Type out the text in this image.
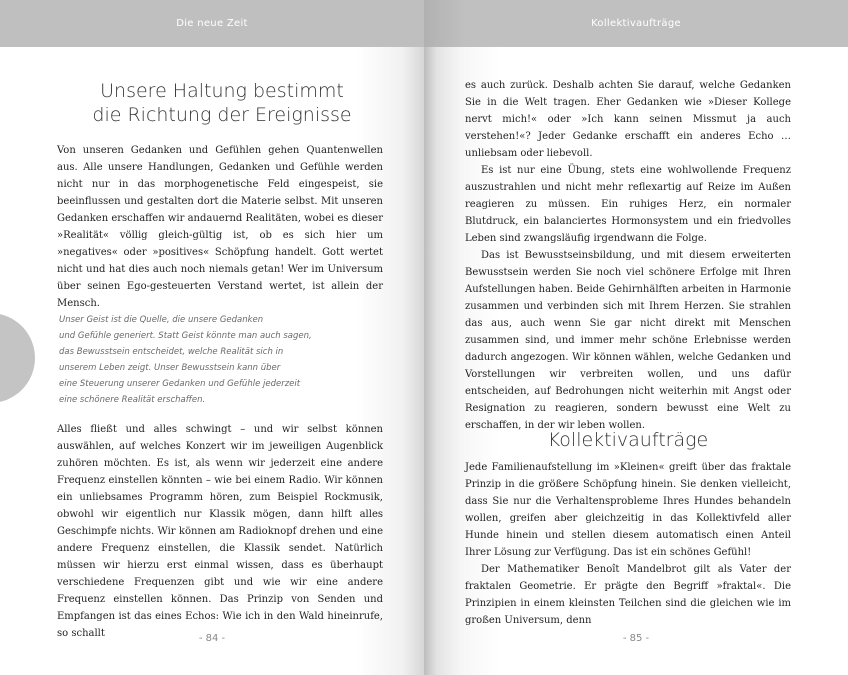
Die neue Zeit
Unsere Haltung bestimmt
die Richtung der Ereignisse

Von unseren Gedanken und Gefühlen gehen Quantenwellen aus. Alle unsere Handlungen, Gedanken und Gefühle werden nicht nur in das morphogenetische Feld eingespeist, sie beeinflussen und gestalten dort die Materie selbst. Mit unseren Gedanken erschaffen wir andauernd Realitäten, wobei es dieser »Realität« völlig gleich-gültig ist, ob es sich hier um »negatives« oder »positives« Schöpfung handelt. Gott wertet nicht und hat dies auch noch niemals getan! Wer im Universum über seinen Ego-gesteuerten Verstand wertet, ist allein der Mensch.

Unser Geist ist die Quelle, die unsere Gedanken
und Gefühle generiert. Statt Geist könnte man auch sagen,
das Bewusstsein entscheidet, welche Realität sich in
unserem Leben zeigt. Unser Bewusstsein kann über
eine Steuerung unserer Gedanken und Gefühle jederzeit
eine schönere Realität erschaffen.

Alles fließt und alles schwingt – und wir selbst können auswählen, auf welches Konzert wir im jeweiligen Augenblick zuhören möchten. Es ist, als wenn wir jederzeit eine andere Frequenz einstellen könnten – wie bei einem Radio. Wir können ein unliebsames Programm hören, zum Beispiel Rockmusik, obwohl wir eigentlich nur Klassik mögen, dann hilft alles Geschimpfe nichts. Wir können am Radioknopf drehen und eine andere Frequenz einstellen, die Klassik sendet. Natürlich müssen wir hierzu erst einmal wissen, dass es überhaupt verschiedene Frequenzen gibt und wie wir eine andere Frequenz einstellen können. Das Prinzip von Senden und Empfangen ist das eines Echos: Wie ich in den Wald hineinrufe, so schallt	- 84 -
Kollektivaufträge

es auch zurück. Deshalb achten Sie darauf, welche Gedanken Sie in die Welt tragen. Eher Gedanken wie »Dieser Kollege nervt mich!« oder »Ich kann seinen Missmut ja auch verstehen!«? Jeder Gedanke erschafft ein anderes Echo … unliebsam oder liebevoll.

Es ist nur eine Übung, stets eine wohlwollende Frequenz auszustrahlen und nicht mehr reflexartig auf Reize im Außen reagieren zu müssen. Ein ruhiges Herz, ein normaler Blutdruck, ein balanciertes Hormonsystem und ein friedvolles Leben sind zwangsläufig irgendwann die Folge.

Das ist Bewusstseinsbildung, und mit diesem erweiterten Bewusstsein werden Sie noch viel schönere Erfolge mit Ihren Aufstellungen haben. Beide Gehirnhälften arbeiten in Harmonie zusammen und verbinden sich mit Ihrem Herzen. Sie strahlen das aus, auch wenn Sie gar nicht direkt mit Menschen zusammen sind, und immer mehr schöne Erlebnisse werden dadurch angezogen. Wir können wählen, welche Gedanken und Vorstellungen wir verbreiten wollen, und uns dafür entscheiden, auf Bedrohungen nicht weiterhin mit Angst oder Resignation zu reagieren, sondern bewusst eine Welt zu erschaffen, in der wir leben wollen.

Kollektivaufträge

Jede Familienaufstellung im »Kleinen« greift über das fraktale Prinzip in die größere Schöpfung hinein. Sie denken vielleicht, dass Sie nur die Verhaltensprobleme Ihres Hundes behandeln wollen, greifen aber gleichzeitig in das Kollektivfeld aller Hunde hinein und stellen diesem automatisch einen Anteil Ihrer Lösung zur Verfügung. Das ist ein schönes Gefühl!

Der Mathematiker Benoît Mandelbrot gilt als Vater der fraktalen Geometrie. Er prägte den Begriff »fraktal«. Die Prinzipien in einem kleinsten Teilchen sind die gleichen wie im großen Universum, denn

- 85 -
